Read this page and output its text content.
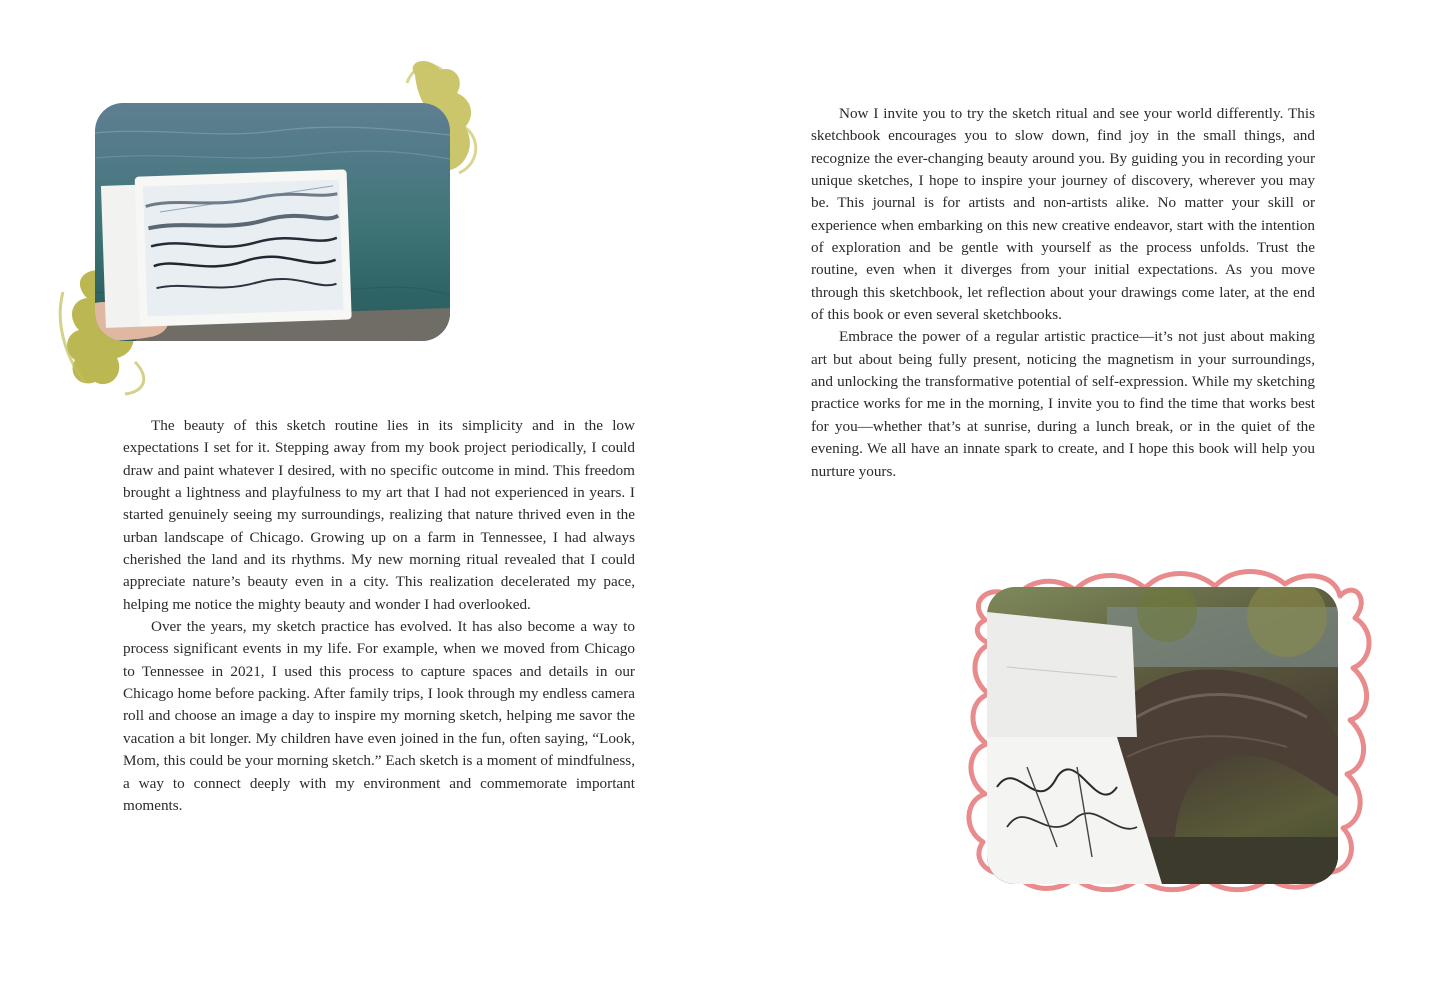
The beauty of this sketch routine lies in its simplicity and in the low expectations I set for it. Stepping away from my book project periodically, I could draw and paint whatever I desired, with no specific outcome in mind. This freedom brought a lightness and playfulness to my art that I had not experienced in years. I started genuinely seeing my surroundings, realizing that nature thrived even in the urban landscape of Chicago. Growing up on a farm in Tennessee, I had always cherished the land and its rhythms. My new morning ritual revealed that I could appreciate nature’s beauty even in a city. This realization decelerated my pace, helping me notice the mighty beauty and wonder I had overlooked.

Over the years, my sketch practice has evolved. It has also become a way to process significant events in my life. For example, when we moved from Chicago to Tennessee in 2021, I used this process to capture spaces and details in our Chicago home before packing. After family trips, I look through my endless camera roll and choose an image a day to inspire my morning sketch, helping me savor the vacation a bit longer. My children have even joined in the fun, often saying, “Look, Mom, this could be your morning sketch.” Each sketch is a moment of mindfulness, a way to connect deeply with my environment and commemorate important moments.

Now I invite you to try the sketch ritual and see your world differently. This sketchbook encourages you to slow down, find joy in the small things, and recognize the ever-changing beauty around you. By guiding you in recording your unique sketches, I hope to inspire your journey of discovery, wherever you may be. This journal is for artists and non-artists alike. No matter your skill or experience when embarking on this new creative endeavor, start with the intention of exploration and be gentle with yourself as the process unfolds. Trust the routine, even when it diverges from your initial expectations. As you move through this sketchbook, let reflection about your drawings come later, at the end of this book or even several sketchbooks.

Embrace the power of a regular artistic practice—it’s not just about making art but about being fully present, noticing the magnetism in your surroundings, and unlocking the transformative potential of self-expression. While my sketching practice works for me in the morning, I invite you to find the time that works best for you—whether that’s at sunrise, during a lunch break, or in the quiet of the evening. We all have an innate spark to create, and I hope this book will help you nurture yours.
